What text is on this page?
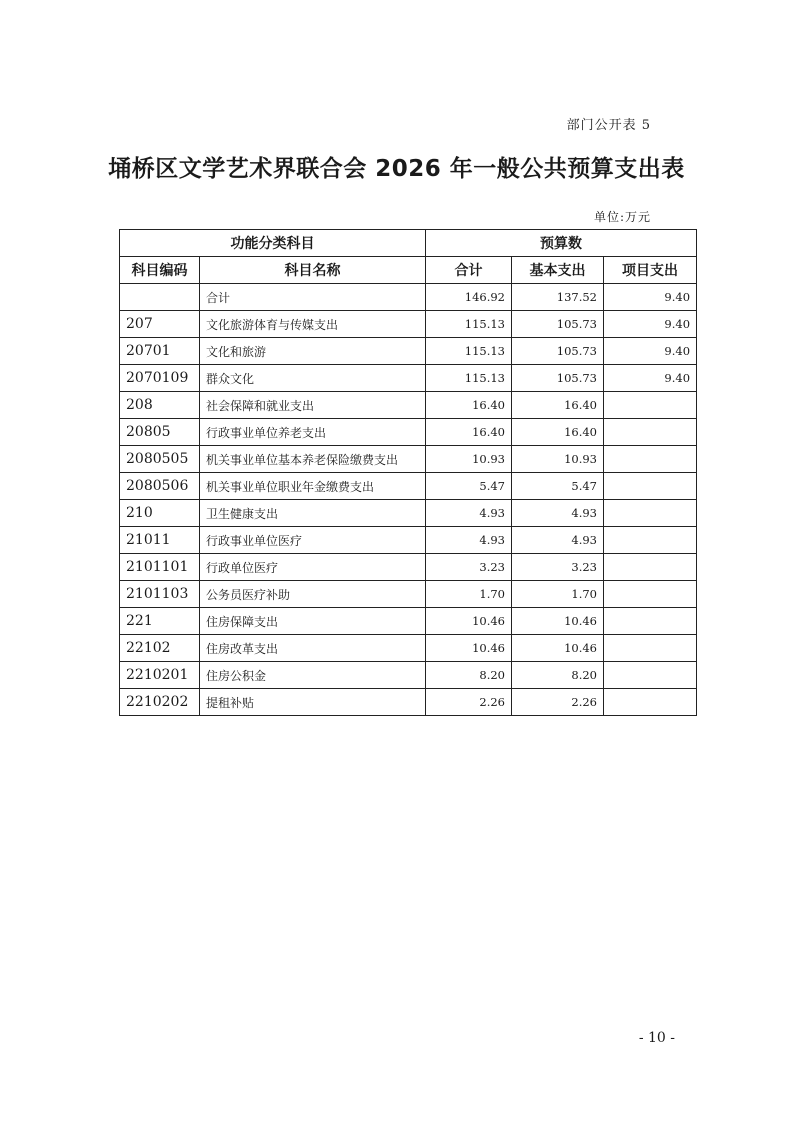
部门公开表 5
埇桥区文学艺术界联合会 2026 年一般公共预算支出表
单位:万元
功能分类科目		预算数		
科目编码	科目名称	合计	基本支出	项目支出
	合计	146.92	137.52	9.40
207	文化旅游体育与传媒支出	115.13	105.73	9.40
20701	文化和旅游	115.13	105.73	9.40
2070109	群众文化	115.13	105.73	9.40
208	社会保障和就业支出	16.40	16.40	
20805	行政事业单位养老支出	16.40	16.40	
2080505	机关事业单位基本养老保险缴费支出	10.93	10.93	
2080506	机关事业单位职业年金缴费支出	5.47	5.47	
210	卫生健康支出	4.93	4.93	
21011	行政事业单位医疗	4.93	4.93	
2101101	行政单位医疗	3.23	3.23	
2101103	公务员医疗补助	1.70	1.70	
221	住房保障支出	10.46	10.46	
22102	住房改革支出	10.46	10.46	
2210201	住房公积金	8.20	8.20	
2210202	提租补贴	2.26	2.26	
- 10 -
